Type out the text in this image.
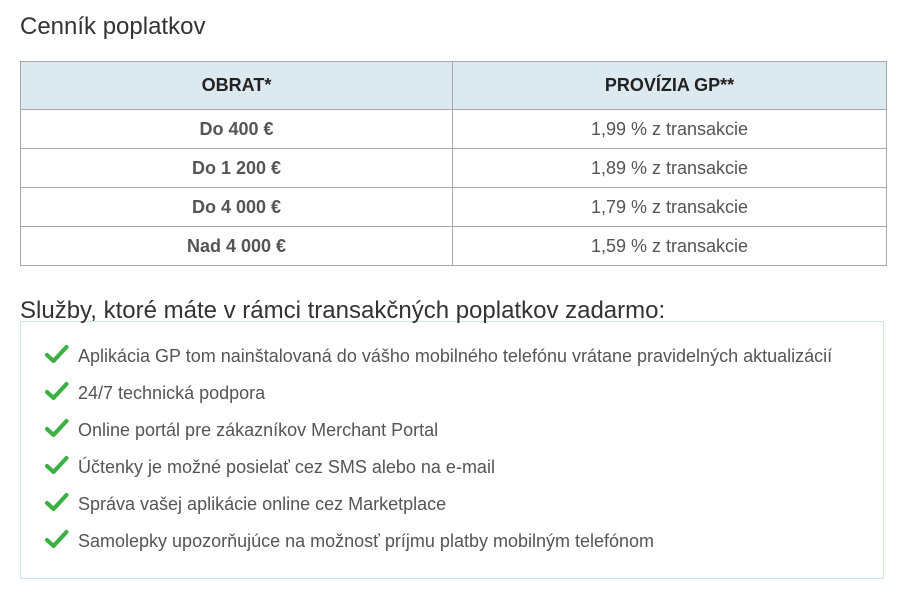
Cenník poplatkov
OBRAT*	PROVÍZIA GP**
Do 400 €	1,99 % z transakcie
Do 1 200 €	1,89 % z transakcie
Do 4 000 €	1,79 % z transakcie
Nad 4 000 €	1,59 % z transakcie
Aplikácia GP tom nainštalovaná do vášho mobilného telefónu vrátane pravidelných aktualizácií
24/7 technická podpora
Online portál pre zákazníkov Merchant Portal
Účtenky je možné posielať cez SMS alebo na e-mail
Správa vašej aplikácie online cez Marketplace
Samolepky upozorňujúce na možnosť príjmu platby mobilným telefónom
Služby, ktoré máte v rámci transakčných poplatkov zadarmo:
